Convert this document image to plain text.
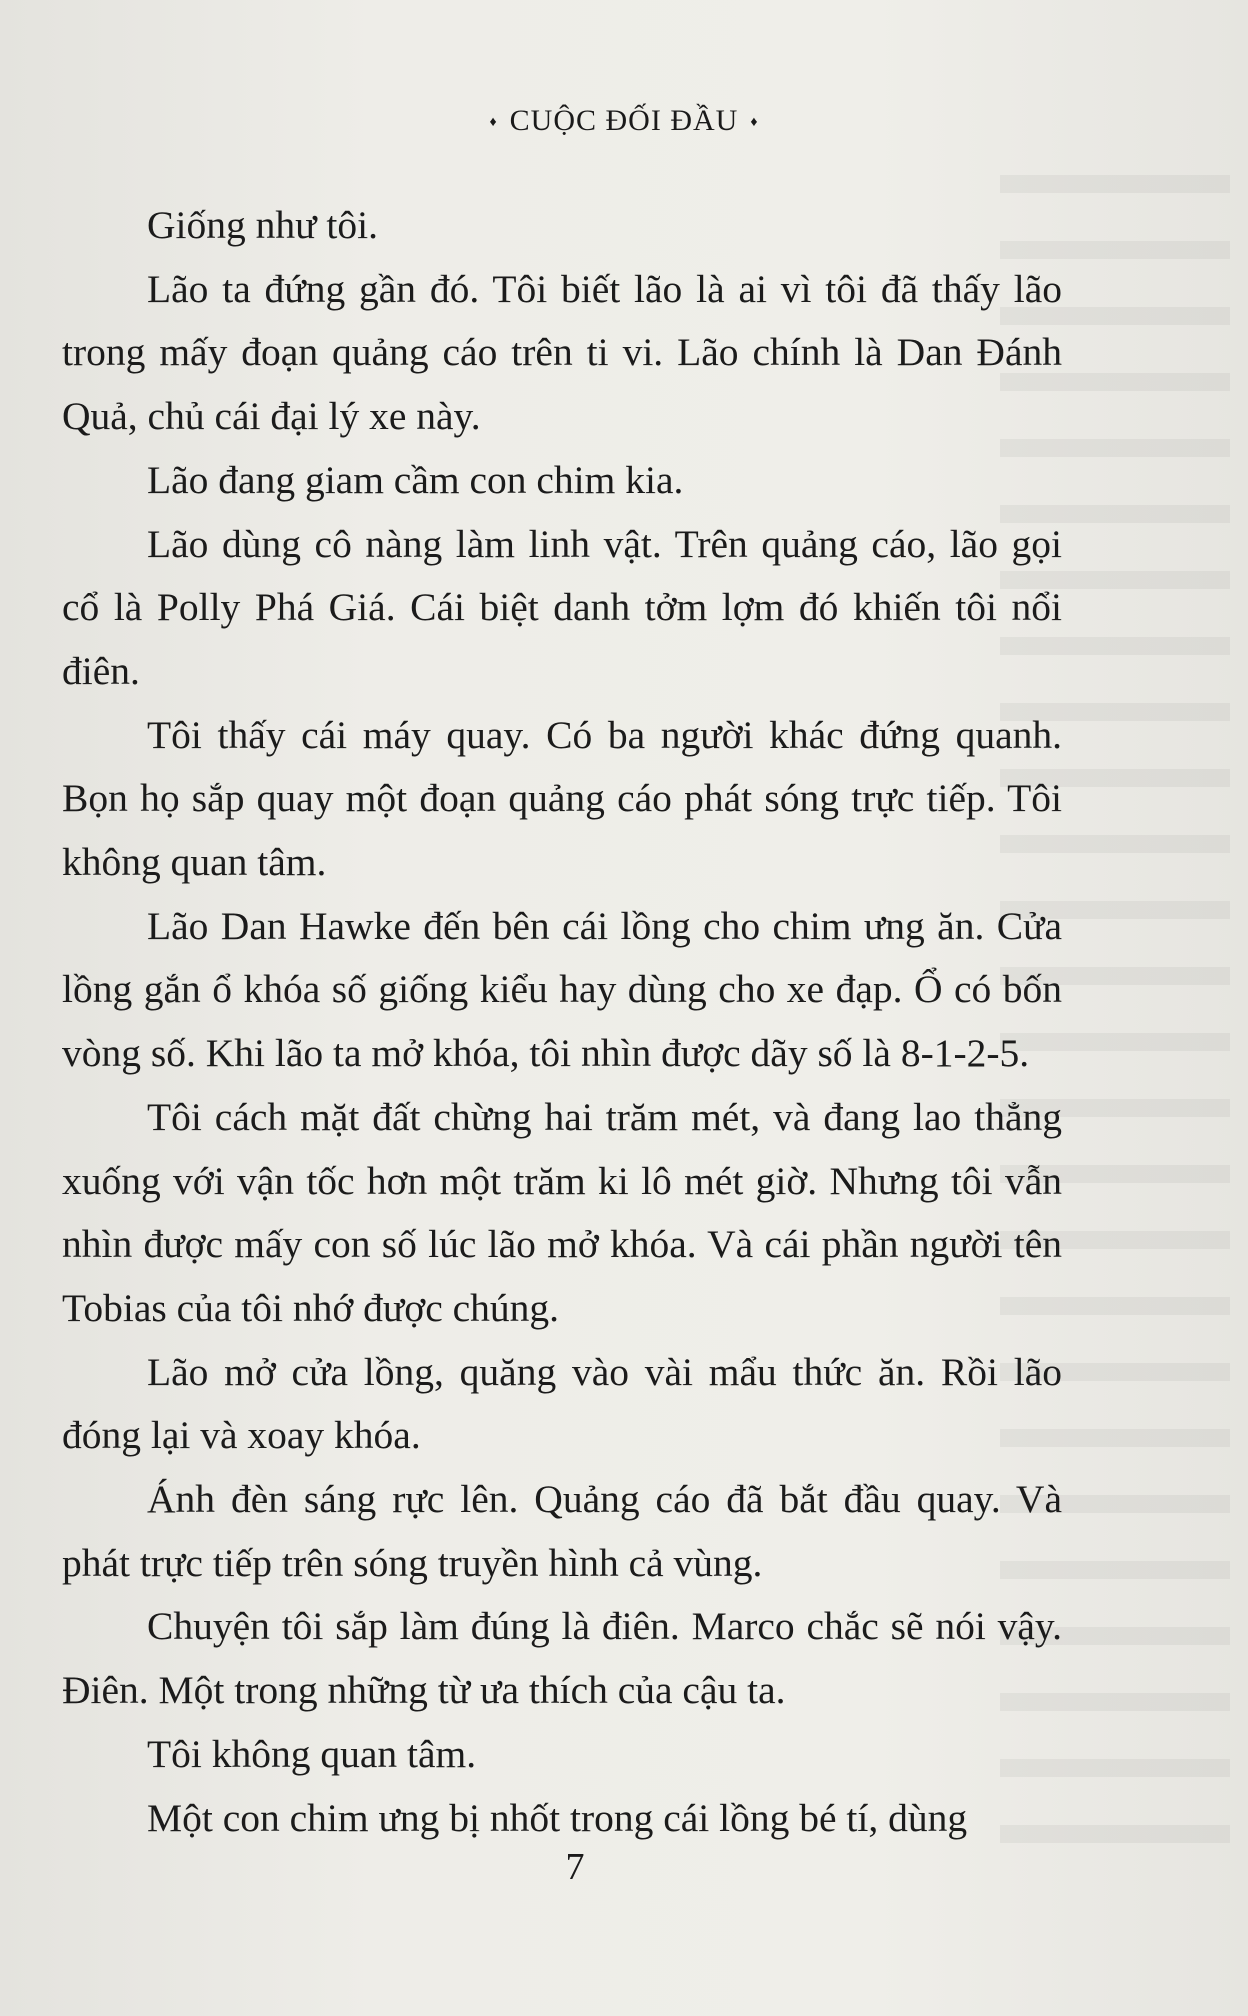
♦ CUỘC ĐỐI ĐẦU ♦

Giống như tôi.

Lão ta đứng gần đó. Tôi biết lão là ai vì tôi đã thấy lão trong mấy đoạn quảng cáo trên ti vi. Lão chính là Dan Đánh Quả, chủ cái đại lý xe này.

Lão đang giam cầm con chim kia.

Lão dùng cô nàng làm linh vật. Trên quảng cáo, lão gọi cổ là Polly Phá Giá. Cái biệt danh tởm lợm đó khiến tôi nổi điên.

Tôi thấy cái máy quay. Có ba người khác đứng quanh. Bọn họ sắp quay một đoạn quảng cáo phát sóng trực tiếp. Tôi không quan tâm.

Lão Dan Hawke đến bên cái lồng cho chim ưng ăn. Cửa lồng gắn ổ khóa số giống kiểu hay dùng cho xe đạp. Ổ có bốn vòng số. Khi lão ta mở khóa, tôi nhìn được dãy số là 8-1-2-5.

Tôi cách mặt đất chừng hai trăm mét, và đang lao thẳng xuống với vận tốc hơn một trăm ki lô mét giờ. Nhưng tôi vẫn nhìn được mấy con số lúc lão mở khóa. Và cái phần người tên Tobias của tôi nhớ được chúng.

Lão mở cửa lồng, quăng vào vài mẩu thức ăn. Rồi lão đóng lại và xoay khóa.

Ánh đèn sáng rực lên. Quảng cáo đã bắt đầu quay. Và phát trực tiếp trên sóng truyền hình cả vùng.

Chuyện tôi sắp làm đúng là điên. Marco chắc sẽ nói vậy. Điên. Một trong những từ ưa thích của cậu ta.

Tôi không quan tâm.

Một con chim ưng bị nhốt trong cái lồng bé tí, dùng

7
